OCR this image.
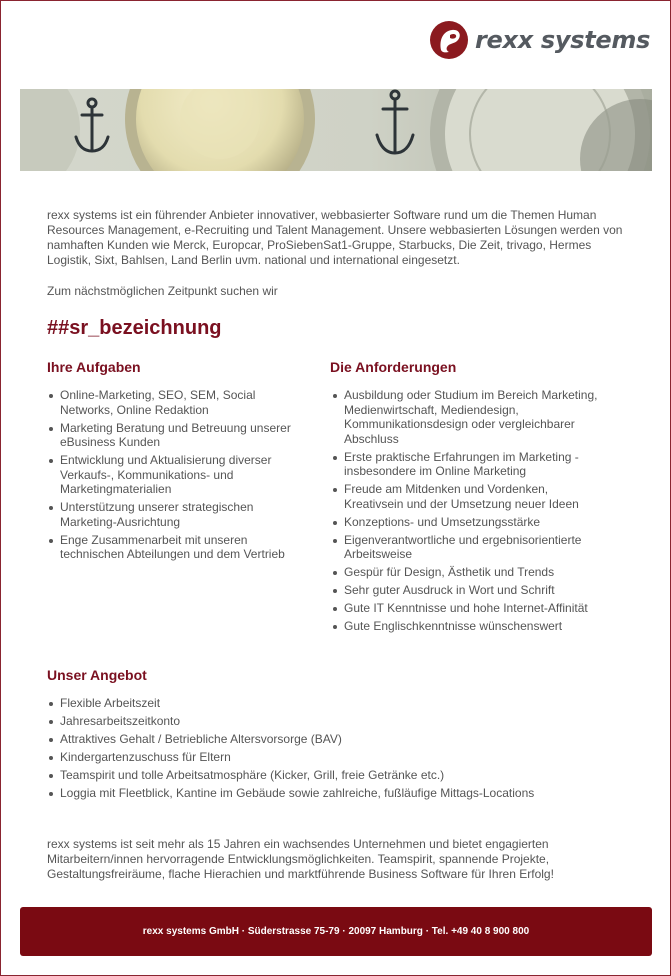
rexx systems
rexx systems ist ein führender Anbieter innovativer, webbasierter Software rund um die Themen Human Resources Management, e-Recruiting und Talent Management. Unsere webbasierten Lösungen werden von namhaften Kunden wie Merck, Europcar, ProSiebenSat1-Gruppe, Starbucks, Die Zeit, trivago, Hermes Logistik, Sixt, Bahlsen, Land Berlin uvm. national und international eingesetzt.
Zum nächstmöglichen Zeitpunkt suchen wir
##sr_bezeichnung
Ihre Aufgaben
Online-Marketing, SEO, SEM, Social Networks, Online Redaktion
Marketing Beratung und Betreuung unserer eBusiness Kunden
Entwicklung und Aktualisierung diverser Verkaufs-, Kommunikations- und Marketingmaterialien
Unterstützung unserer strategischen Marketing-Ausrichtung
Enge Zusammenarbeit mit unseren technischen Abteilungen und dem Vertrieb
Die Anforderungen
Ausbildung oder Studium im Bereich Marketing, Medienwirtschaft, Mediendesign, Kommunikationsdesign oder vergleichbarer Abschluss
Erste praktische Erfahrungen im Marketing - insbesondere im Online Marketing
Freude am Mitdenken und Vordenken, Kreativsein und der Umsetzung neuer Ideen
Konzeptions- und Umsetzungsstärke
Eigenverantwortliche und ergebnisorientierte Arbeitsweise
Gespür für Design, Ästhetik und Trends
Sehr guter Ausdruck in Wort und Schrift
Gute IT Kenntnisse und hohe Internet-Affinität
Gute Englischkenntnisse wünschenswert
Unser Angebot
Flexible Arbeitszeit
Jahresarbeitszeitkonto
Attraktives Gehalt / Betriebliche Altersvorsorge (BAV)
Kindergartenzuschuss für Eltern
Teamspirit und tolle Arbeitsatmosphäre (Kicker, Grill, freie Getränke etc.)
Loggia mit Fleetblick, Kantine im Gebäude sowie zahlreiche, fußläufige Mittags-Locations
rexx systems ist seit mehr als 15 Jahren ein wachsendes Unternehmen und bietet engagierten Mitarbeitern/innen hervorragende Entwicklungsmöglichkeiten. Teamspirit, spannende Projekte, Gestaltungsfreiräume, flache Hierachien und marktführende Business Software für Ihren Erfolg!
rexx systems GmbH · Süderstrasse 75-79 · 20097 Hamburg · Tel. +49 40 8 900 800
